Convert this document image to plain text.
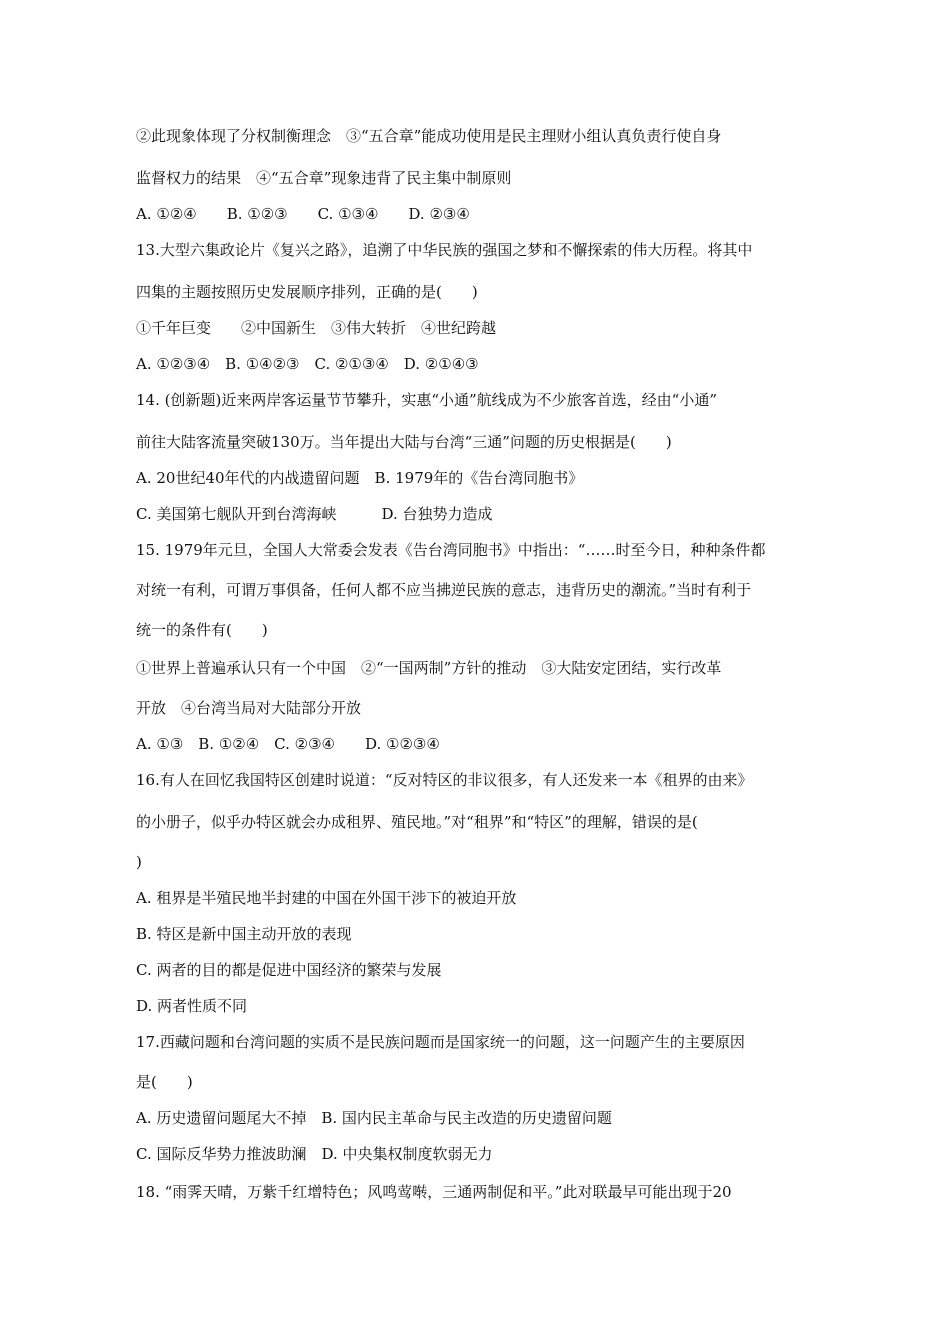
②此现象体现了分权制衡理念　③“五合章”能成功使用是民主理财小组认真负责行使自身
监督权力的结果　④“五合章”现象违背了民主集中制原则
A. ①②④　　B. ①②③　　C. ①③④　　D. ②③④
13.大型六集政论片《复兴之路》，追溯了中华民族的强国之梦和不懈探索的伟大历程。将其中
四集的主题按照历史发展顺序排列，正确的是(　　)
①千年巨变　　②中国新生　③伟大转折　④世纪跨越
A. ①②③④　B. ①④②③　C. ②①③④　D. ②①④③
14. (创新题)近来两岸客运量节节攀升，实惠“小通”航线成为不少旅客首选，经由“小通”
前往大陆客流量突破130万。当年提出大陆与台湾“三通”问题的历史根据是(　　)
A. 20世纪40年代的内战遗留问题　B. 1979年的《告台湾同胞书》
C. 美国第七舰队开到台湾海峡　　　D. 台独势力造成
15. 1979年元旦，全国人大常委会发表《告台湾同胞书》中指出：“……时至今日，种种条件都
对统一有利，可谓万事俱备，任何人都不应当拂逆民族的意志，违背历史的潮流。”当时有利于
统一的条件有(　　)
①世界上普遍承认只有一个中国　②“一国两制”方针的推动　③大陆安定团结，实行改革
开放　④台湾当局对大陆部分开放
A. ①③　B. ①②④　C. ②③④　　D. ①②③④
16.有人在回忆我国特区创建时说道：“反对特区的非议很多，有人还发来一本《租界的由来》
的小册子，似乎办特区就会办成租界、殖民地。”对“租界”和“特区”的理解，错误的是(
)
A. 租界是半殖民地半封建的中国在外国干涉下的被迫开放
B. 特区是新中国主动开放的表现
C. 两者的目的都是促进中国经济的繁荣与发展
D. 两者性质不同
17.西藏问题和台湾问题的实质不是民族问题而是国家统一的问题，这一问题产生的主要原因
是(　　)
A. 历史遗留问题尾大不掉　B. 国内民主革命与民主改造的历史遗留问题
C. 国际反华势力推波助澜　D. 中央集权制度软弱无力
18. “雨霁天晴，万紫千红增特色；风鸣莺啭，三通两制促和平。”此对联最早可能出现于20
